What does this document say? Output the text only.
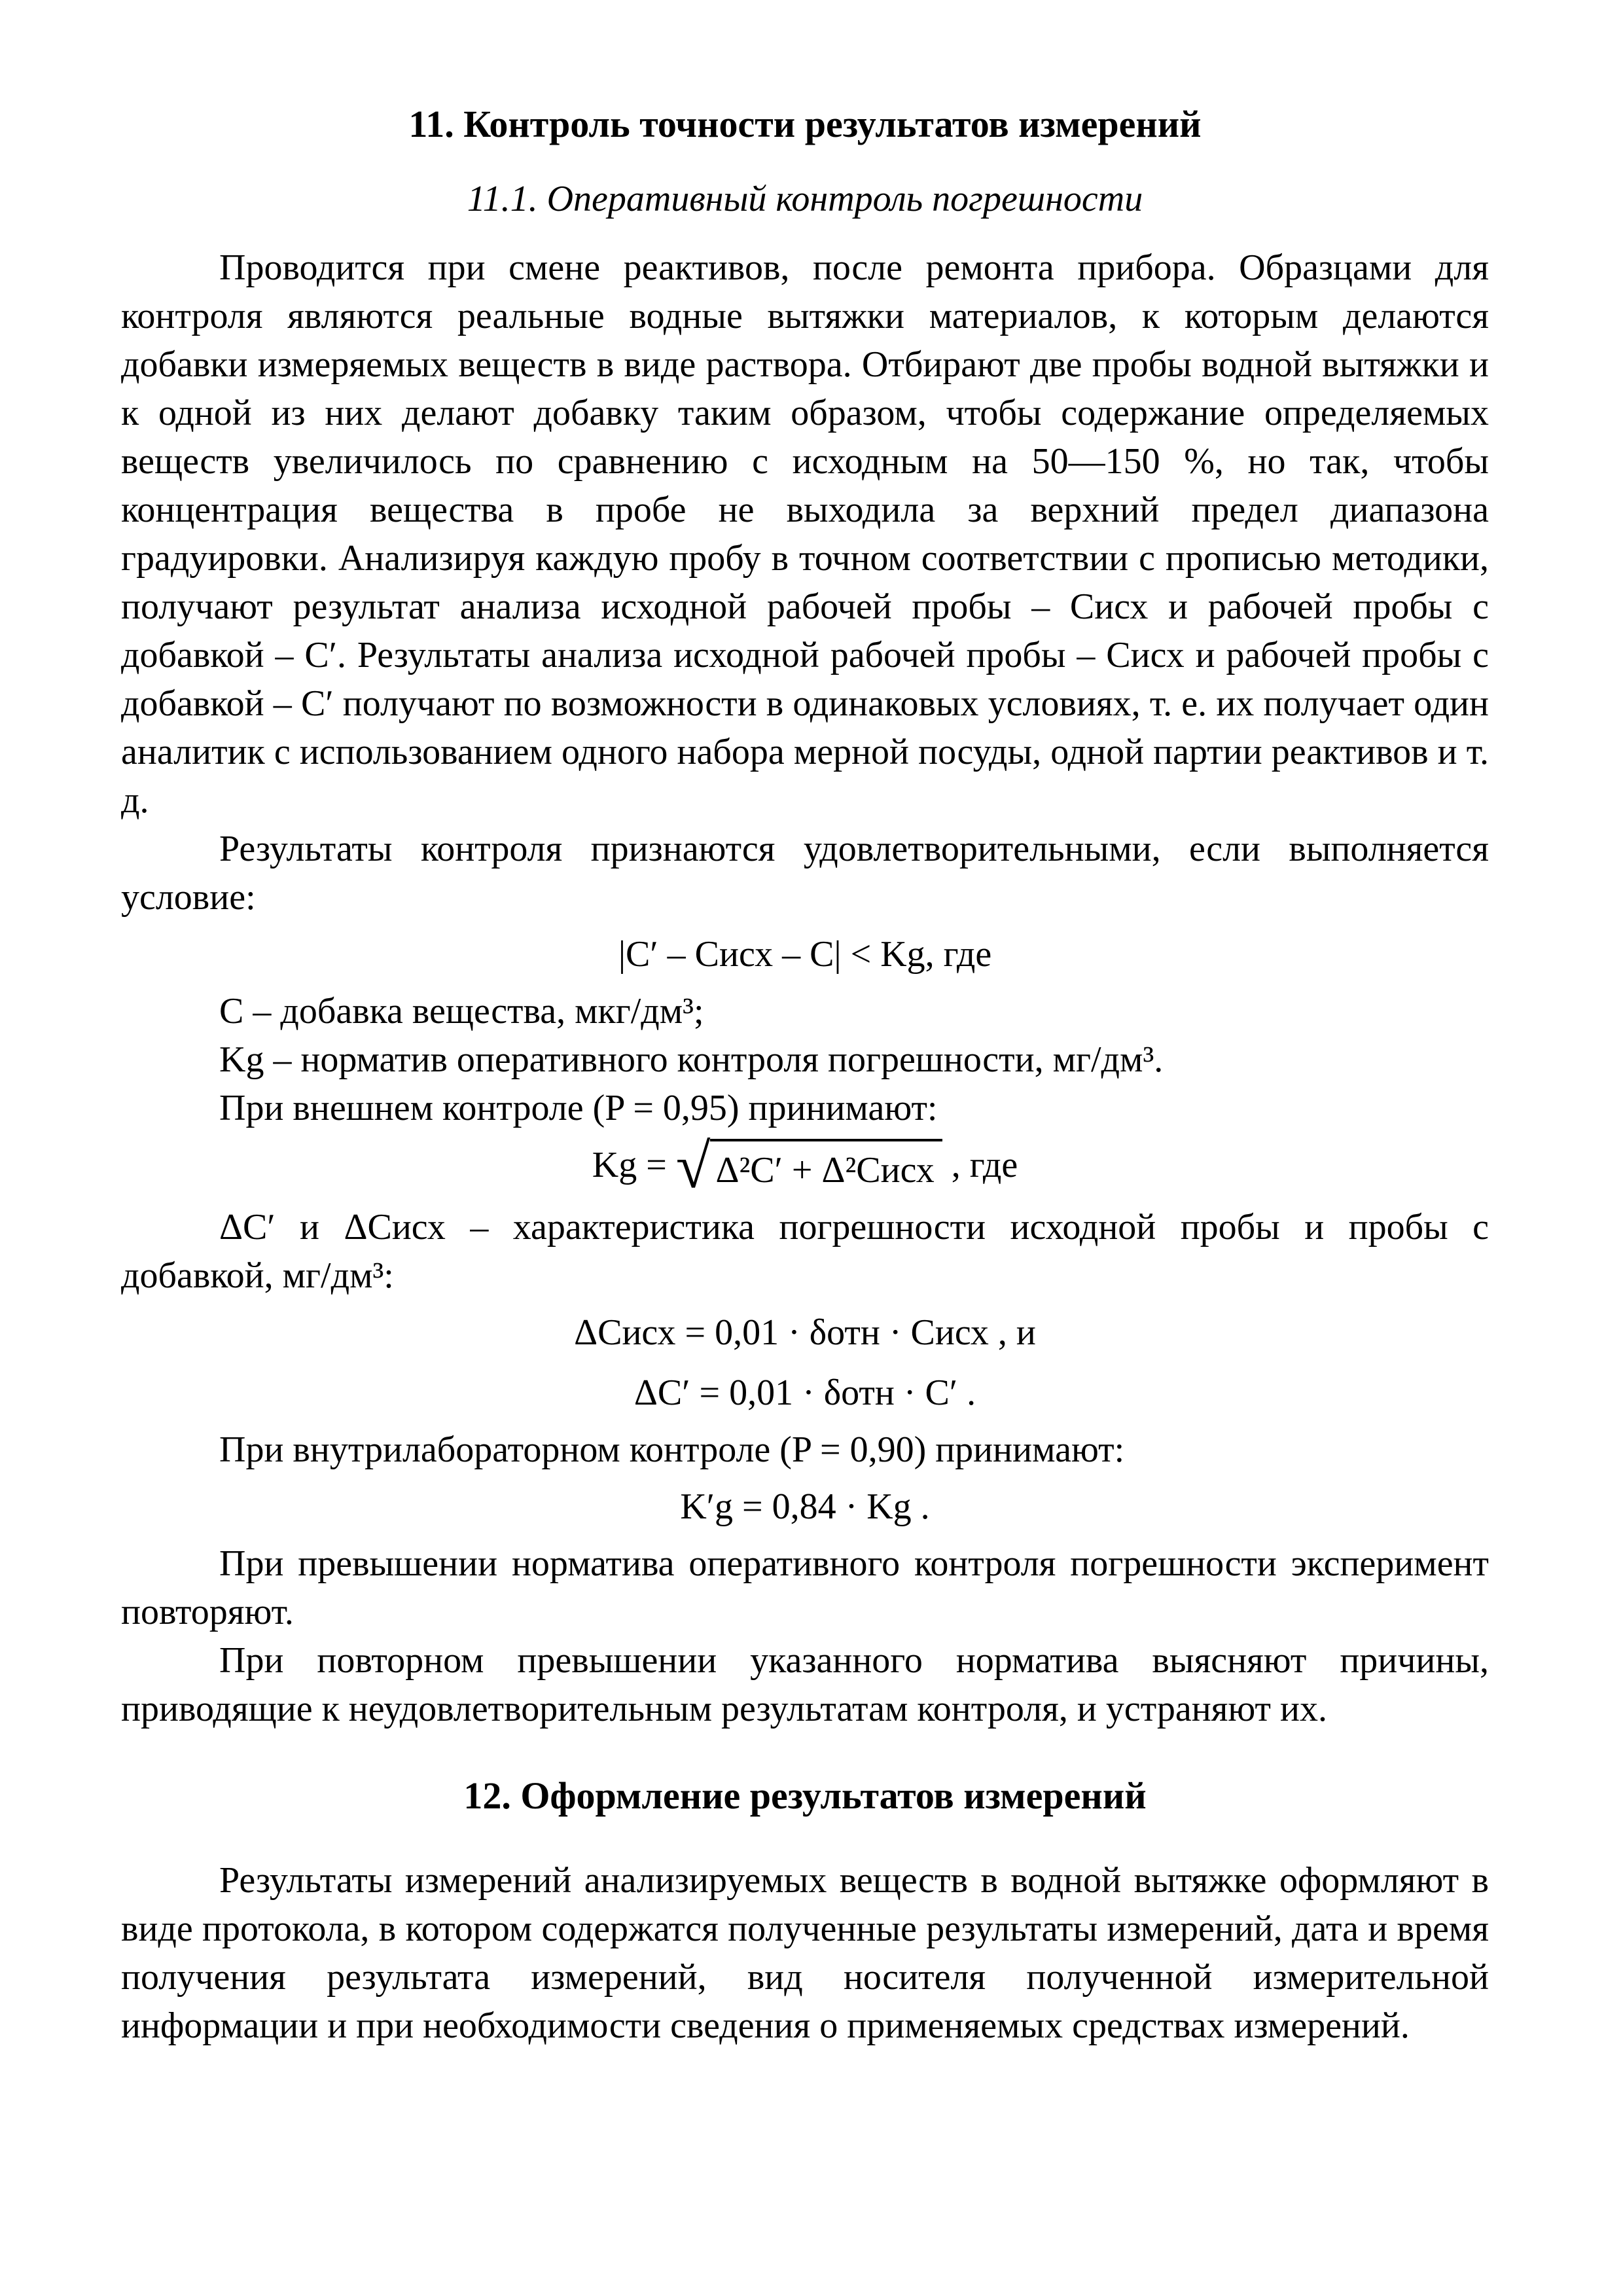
11. Контроль точности результатов измерений
11.1. Оперативный контроль погрешности

Проводится при смене реактивов, после ремонта прибора. Образцами для контроля являются реальные водные вытяжки материалов, к которым делаются добавки измеряемых веществ в виде раствора. Отбирают две пробы водной вытяжки и к одной из них делают добавку таким образом, чтобы содержание определяемых веществ увеличилось по сравнению с исходным на 50—150 %, но так, чтобы концентрация вещества в пробе не выходила за верхний предел диапазона градуировки. Анализируя каждую пробу в точном соответствии с прописью методики, получают результат анализа исходной рабочей пробы – Cисх и рабочей пробы с добавкой – C′. Результаты анализа исходной рабочей пробы – Cисх и рабочей пробы с добавкой – C′ получают по возможности в одинаковых условиях, т. е. их получает один аналитик с использованием одного набора мерной посуды, одной партии реактивов и т. д.

Результаты контроля признаются удовлетворительными, если выполняется условие:

|C′ – Cисх – C| < Kg, где
C – добавка вещества, мкг/дм³;
Kg – норматив оперативного контроля погрешности, мг/дм³.
При внешнем контроле (P = 0,95) принимают:
Kg = √ Δ²C′ + Δ²Cисх , где

ΔC′ и ΔCисх – характеристика погрешности исходной пробы и пробы с добавкой, мг/дм³:

ΔCисх = 0,01 · δотн · Cисх , и
ΔC′ = 0,01 · δотн · C′ .
При внутрилабораторном контроле (P = 0,90) принимают:
K′g = 0,84 · Kg .

При превышении норматива оперативного контроля погрешности эксперимент повторяют.

При повторном превышении указанного норматива выясняют причины, приводящие к неудовлетворительным результатам контроля, и устраняют их.

12. Оформление результатов измерений

Результаты измерений анализируемых веществ в водной вытяжке оформляют в виде протокола, в котором содержатся полученные результаты измерений, дата и время получения результата измерений, вид носителя полученной измерительной информации и при необходимости сведения о применяемых средствах измерений.
